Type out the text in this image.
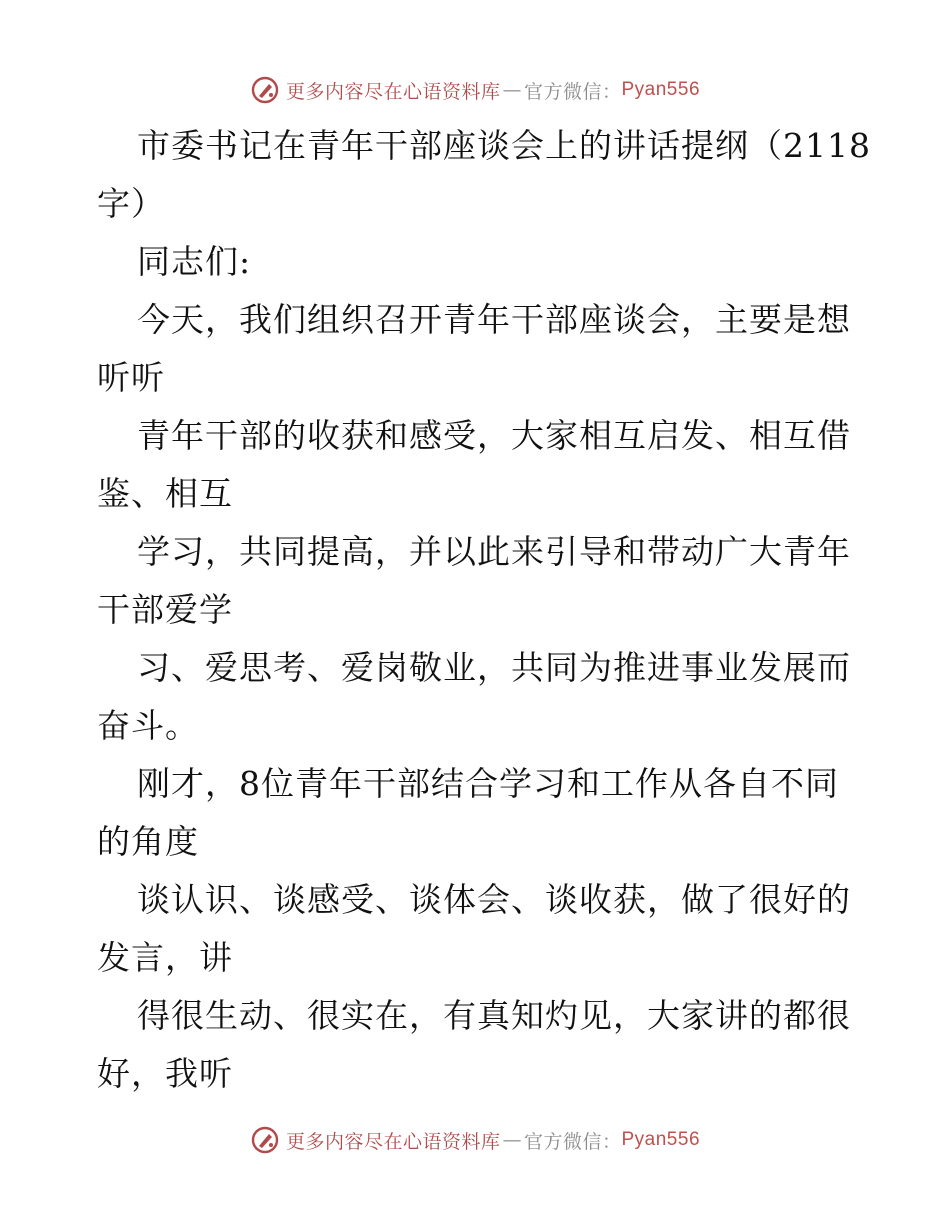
更多内容尽在心语资料库 — 官方微信： Pyan556
市委书记在青年干部座谈会上的讲话提纲（2118
字）
同志们:
今天，我们组织召开青年干部座谈会，主要是想
听听
青年干部的收获和感受，大家相互启发、相互借
鉴、相互
学习，共同提高，并以此来引导和带动广大青年
干部爱学
习、爱思考、爱岗敬业，共同为推进事业发展而
奋斗。
刚才，8位青年干部结合学习和工作从各自不同
的角度
谈认识、谈感受、谈体会、谈收获，做了很好的
发言，讲
得很生动、很实在，有真知灼见，大家讲的都很
好，我听
更多内容尽在心语资料库 — 官方微信： Pyan556
